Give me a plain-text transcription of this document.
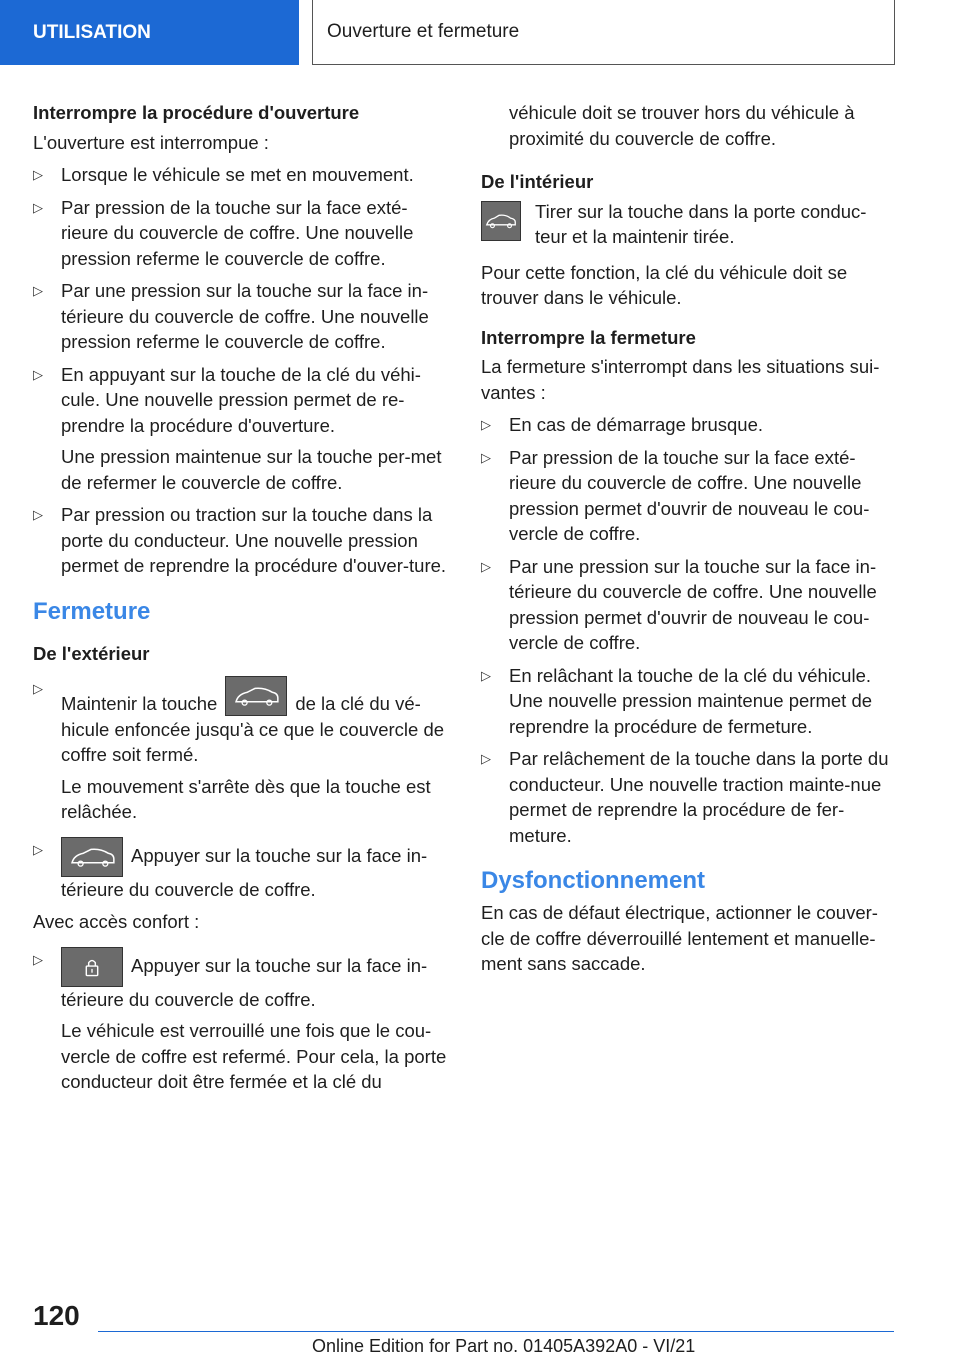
UTILISATION	Ouverture et fermeture
Interrompre la procédure d'ouverture

L'ouverture est interrompue :

▷ Lorsque le véhicule se met en mouvement.
▷ Par pression de la touche sur la face exté‐rieure du couvercle de coffre. Une nouvelle pression referme le couvercle de coffre.
▷ Par une pression sur la touche sur la face in‐térieure du couvercle de coffre. Une nouvelle pression referme le couvercle de coffre.
▷ En appuyant sur la touche de la clé du véhi‐cule. Une nouvelle pression permet de re‐prendre la procédure d'ouverture.
Une pression maintenue sur la touche per‐met de refermer le couvercle de coffre.
▷ Par pression ou traction sur la touche dans la porte du conducteur. Une nouvelle pression permet de reprendre la procédure d'ouver‐ture.
Fermeture
De l'extérieur
▷
Maintenir la touche	de la clé du vé‐hicule enfoncée jusqu'à ce que le couvercle de coffre soit fermé.
Le mouvement s'arrête dès que la touche est relâchée.
▷	Appuyer sur la touche sur la face in‐térieure du couvercle de coffre.

Avec accès confort :

▷	Appuyer sur la touche sur la face in‐térieure du couvercle de coffre.
Le véhicule est verrouillé une fois que le cou‐vercle de coffre est refermé. Pour cela, la porte conducteur doit être fermée et la clé du

véhicule doit se trouver hors du véhicule à proximité du couvercle de coffre.

De l'intérieur
Tirer sur la touche dans la porte conduc‐teur et la maintenir tirée.

Pour cette fonction, la clé du véhicule doit se trouver dans le véhicule.

Interrompre la fermeture

La fermeture s'interrompt dans les situations sui‐vantes :

▷ En cas de démarrage brusque.
▷ Par pression de la touche sur la face exté‐rieure du couvercle de coffre. Une nouvelle pression permet d'ouvrir de nouveau le cou‐vercle de coffre.
▷ Par une pression sur la touche sur la face in‐térieure du couvercle de coffre. Une nouvelle pression permet d'ouvrir de nouveau le cou‐vercle de coffre.
▷ En relâchant la touche de la clé du véhicule. Une nouvelle pression maintenue permet de reprendre la procédure de fermeture.
▷ Par relâchement de la touche dans la porte du conducteur. Une nouvelle traction mainte‐nue permet de reprendre la procédure de fer‐meture.
Dysfonctionnement

En cas de défaut électrique, actionner le couver‐cle de coffre déverrouillé lentement et manuelle‐ment sans saccade.

120
Online Edition for Part no. 01405A392A0 - VI/21
